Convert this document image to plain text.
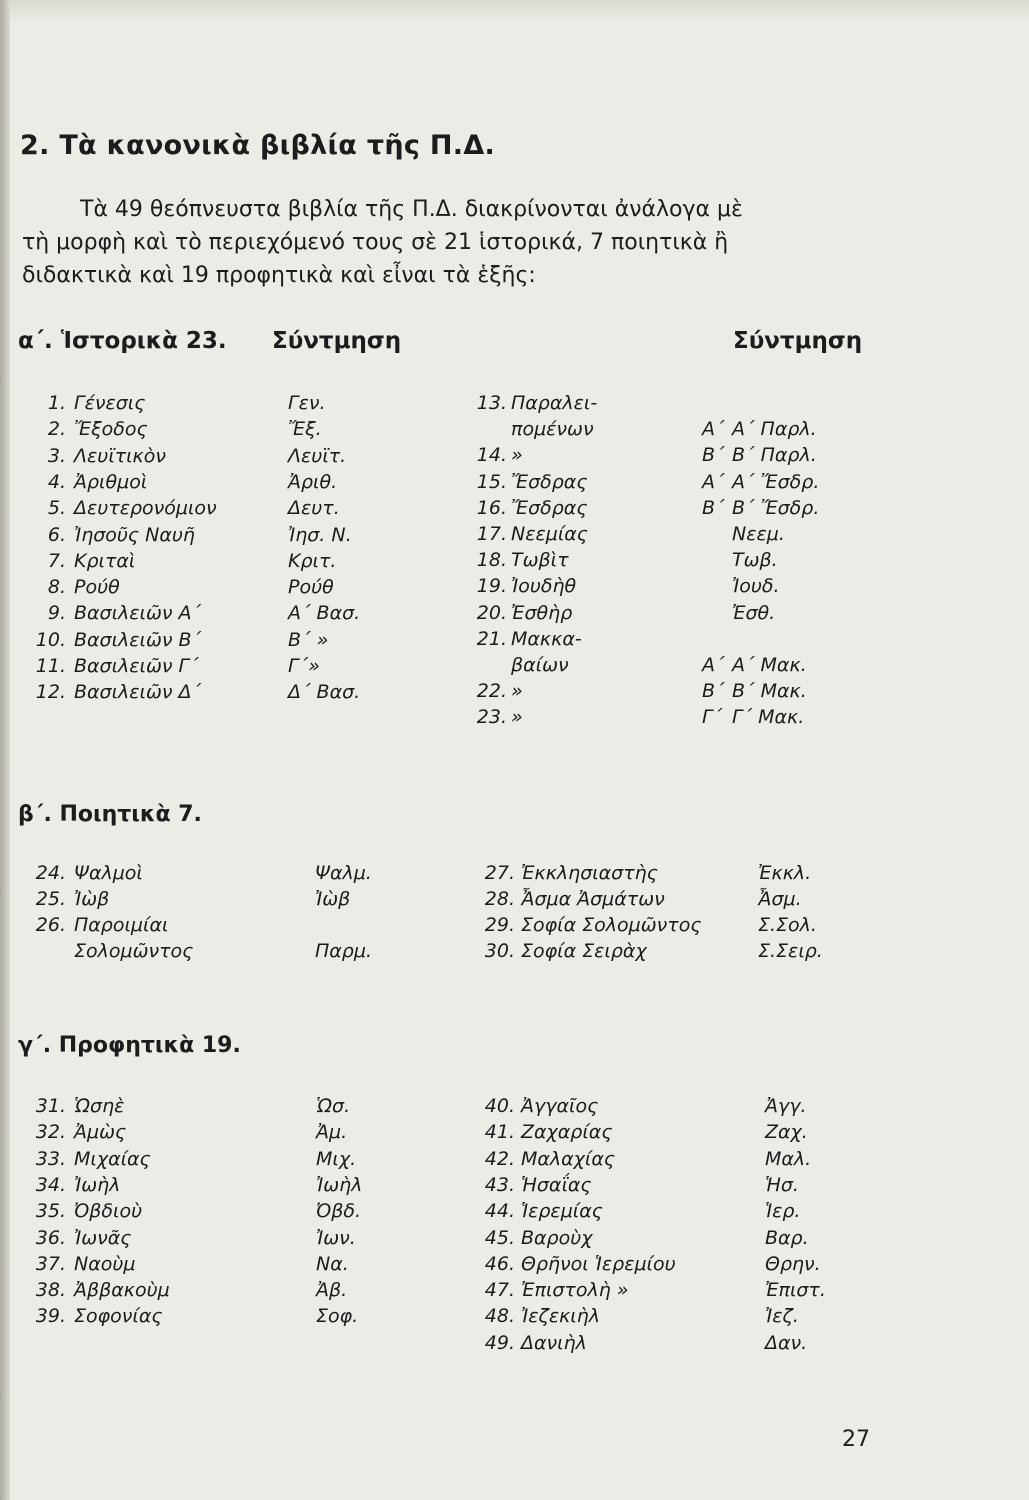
2. Τὰ κανονικὰ βιβλία τῆς Π.Δ.
Τὰ 49 θεόπνευστα βιβλία τῆς Π.Δ. διακρίνονται ἀνάλογα μὲ
τὴ μορφὴ καὶ τὸ περιεχόμενό τους σὲ 21 ἱστορικά, 7 ποιητικὰ ἢ
διδακτικὰ καὶ 19 προφητικὰ καὶ εἶναι τὰ ἑξῆς:
α΄. Ἱστορικὰ 23. Σύντμηση	Σύντμηση
1. Γένεσις	Γεν.
2. Ἔξοδος	Ἔξ.
3. Λευϊτικὸν	Λευϊτ.
4. Ἀριθμοὶ	Ἀριθ.
5. Δευτερονόμιον	Δευτ.
6. Ἰησοῦς Ναυῆ	Ἰησ. Ν.
7. Κριταὶ	Κριτ.
8. Ρούθ	Ρούθ
9. Βασιλειῶν Α΄	Α΄ Βασ.
10. Βασιλειῶν Β΄	Β΄ »
11. Βασιλειῶν Γ΄	Γ΄»
12. Βασιλειῶν Δ΄	Δ΄ Βασ.
13. Παραλει-
πομένων	Α΄ Α΄ Παρλ.
14. »	Β΄ Β΄ Παρλ.
15. Ἔσδρας	Α΄ Α΄ Ἔσδρ.
16. Ἔσδρας	Β΄ Β΄ Ἔσδρ.
17. Νεεμίας	Νεεμ.
18. Τωβὶτ	Τωβ.
19. Ἰουδὴθ	Ἰουδ.
20. Ἐσθὴρ	Ἐσθ.
21. Μακκα-
βαίων	Α΄ Α΄ Μακ.
22. »	Β΄ Β΄ Μακ.
23. »	Γ΄ Γ΄ Μακ.
β΄. Ποιητικὰ 7.
24. Ψαλμοὶ	Ψαλμ.
25. Ἰὼβ	Ἰὼβ
26. Παροιμίαι
Σολομῶντος	Παρμ.
27. Ἐκκλησιαστὴς	Ἐκκλ.
28. Ἆσμα Ἀσμάτων	Ἆσμ.
29. Σοφία Σολομῶντος	Σ.Σολ.
30. Σοφία Σειρὰχ	Σ.Σειρ.
γ΄. Προφητικὰ 19.
31. Ὡσηὲ	Ὡσ.
32. Ἀμὼς	Ἀμ.
33. Μιχαίας	Μιχ.
34. Ἰωὴλ	Ἰωὴλ
35. Ὀβδιοὺ	Ὀβδ.
36. Ἰωνᾶς	Ἰων.
37. Ναοὺμ	Να.
38. Ἀββακοὺμ	Ἀβ.
39. Σοφονίας	Σοφ.
40. Ἀγγαῖος	Ἀγγ.
41. Ζαχαρίας	Ζαχ.
42. Μαλαχίας	Μαλ.
43. Ἡσαΐας	Ἡσ.
44. Ἱερεμίας	Ἱερ.
45. Βαροὺχ	Βαρ.
46. Θρῆνοι Ἱερεμίου	Θρην.
47. Ἐπιστολὴ »	Ἐπιστ.
48. Ἰεζεκιὴλ	Ἰεζ.
49. Δανιὴλ	Δαν.
27
